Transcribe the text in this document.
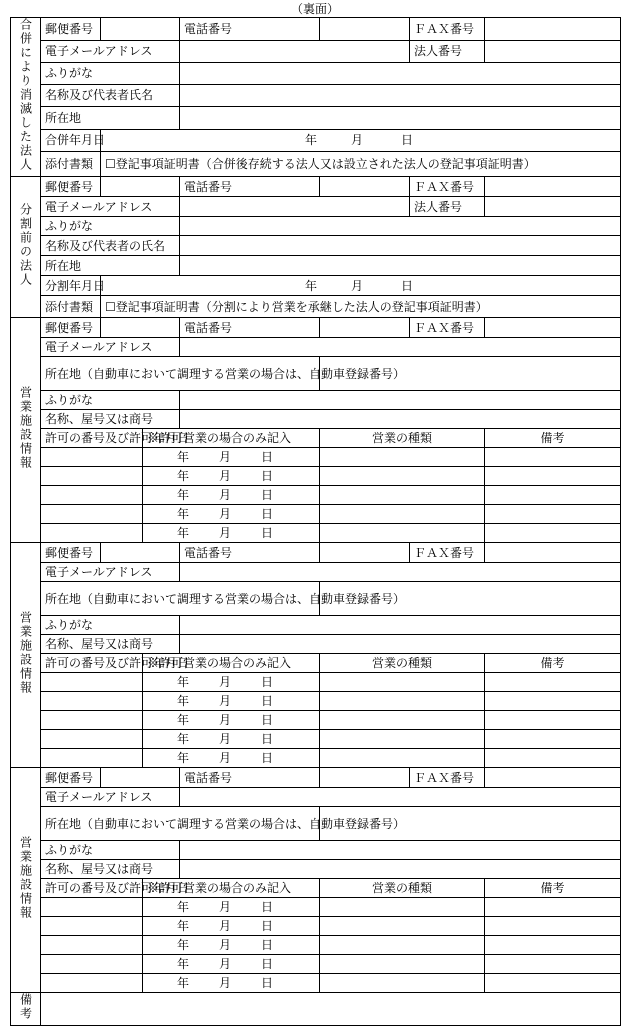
（裏面）
合併により消滅した法人	郵便番号			電話番号		ＦＡＸ番号	
	電子メールアドレス					法人番号	
	ふりがな						
	名称及び代表者氏名						
	所在地						
	合併年月日	年 月 日					
	添付書類	☐登記事項証明書（合併後存続する法人又は設立された法人の登記事項証明書）					

分割前の法人	郵便番号			電話番号		ＦＡＸ番号	
	電子メールアドレス					法人番号	
	ふりがな						
	名称及び代表者の氏名						
	所在地						
	分割年月日	年 月 日					
	添付書類	☐登記事項証明書（分割により営業を承継した法人の登記事項証明書）					

営業施設情報	郵便番号			電話番号		ＦＡＸ番号	
	電子メールアドレス						
	所在地（自動車において調理する営業の場合は、自動車登録番号）						
	ふりがな						
	名称、屋号又は商号						
	許可の番号及び許可年月日		※許可営業の場合のみ記入		営業の種類		備考
			年 月 日				
			年 月 日				
			年 月 日				
			年 月 日				
			年 月 日				
営業施設情報	郵便番号			電話番号		ＦＡＸ番号	
	電子メールアドレス						
	所在地（自動車において調理する営業の場合は、自動車登録番号）						
	ふりがな						
	名称、屋号又は商号						
	許可の番号及び許可年月日		※許可営業の場合のみ記入		営業の種類		備考
			年 月 日				
			年 月 日				
			年 月 日				
			年 月 日				
			年 月 日				
営業施設情報	郵便番号			電話番号		ＦＡＸ番号	
	電子メールアドレス						
	所在地（自動車において調理する営業の場合は、自動車登録番号）						
	ふりがな						
	名称、屋号又は商号						
	許可の番号及び許可年月日		※許可営業の場合のみ記入		営業の種類		備考
			年 月 日				
			年 月 日				
			年 月 日				
			年 月 日				
			年 月 日				
備考							
